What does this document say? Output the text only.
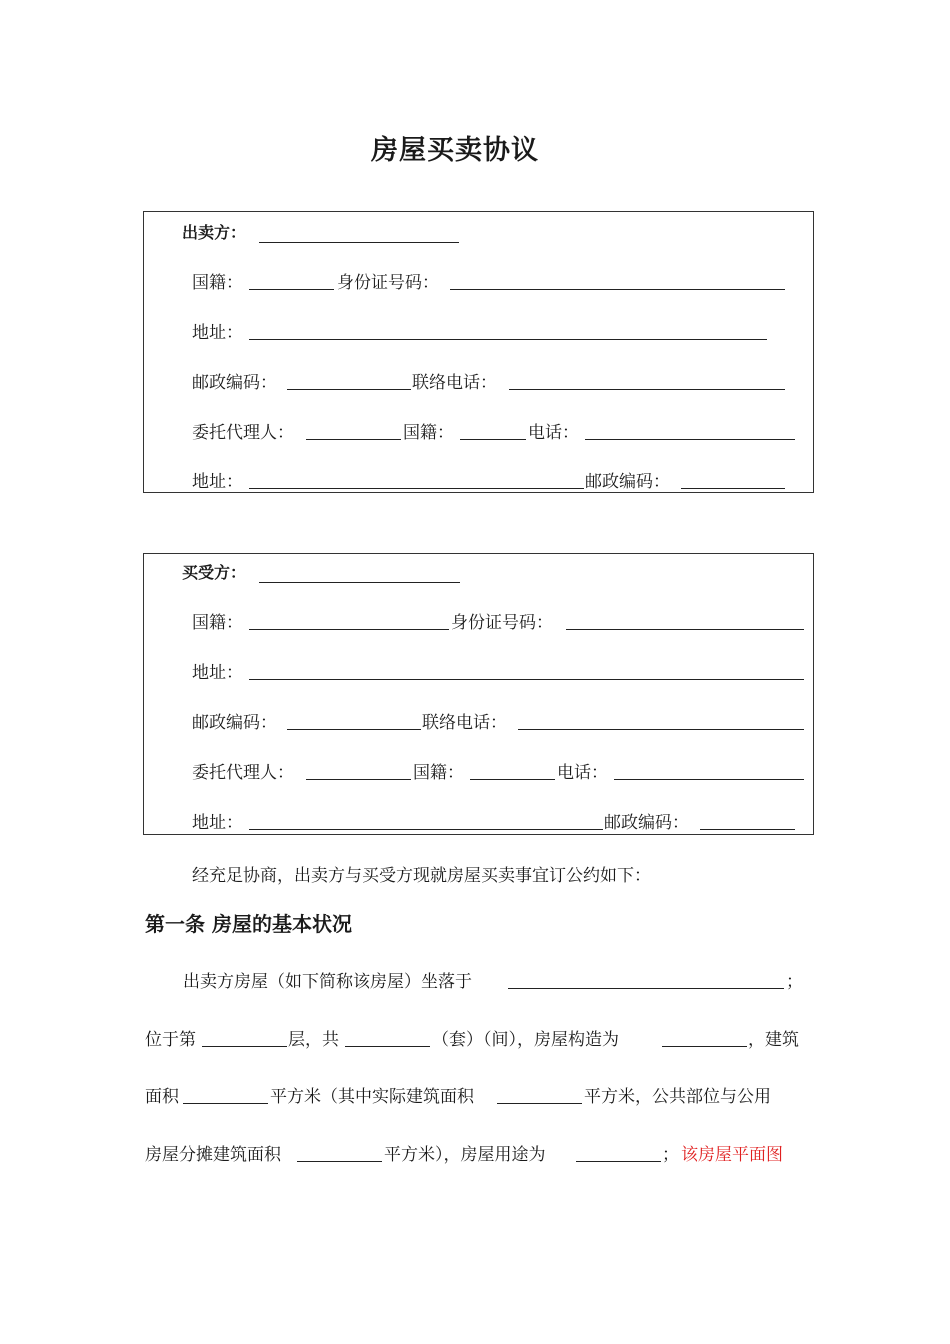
房屋买卖协议
出卖方：
国籍：	身份证号码：
地址：
邮政编码：	联络电话：
委托代理人：	国籍：	电话：
地址：	邮政编码：
买受方：
国籍：	身份证号码：
地址：
邮政编码：	联络电话：
委托代理人：	国籍：	电话：
地址：	邮政编码：
经充足协商，出卖方与买受方现就房屋买卖事宜订公约如下：
第一条 房屋的基本状况
出卖方房屋（如下简称该房屋）坐落于	；
位于第	层，共	（套）（间），房屋构造为	，建筑
面积	平方米（其中实际建筑面积	平方米，公共部位与公用
房屋分摊建筑面积	平方米），房屋用途为	； 该房屋平面图
